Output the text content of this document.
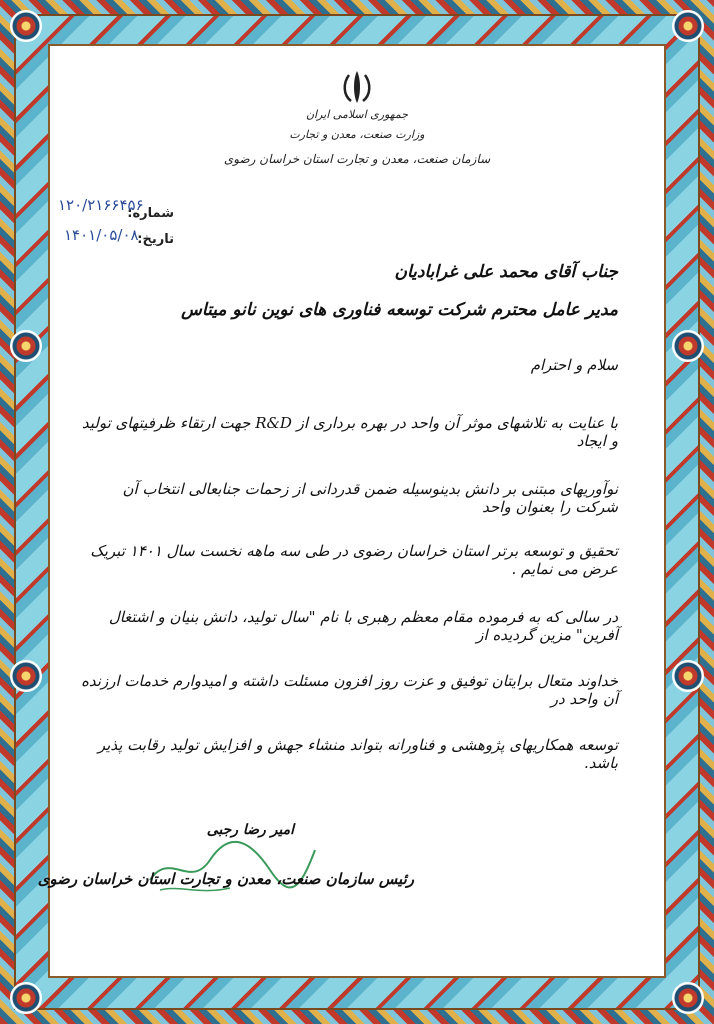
جمهوری اسلامی ایران
وزارت صنعت، معدن و تجارت
سازمان صنعت، معدن و تجارت استان خراسان رضوی
شماره:
۱۲۰/۲۱۶۶۴۵۶
تاریخ:
۱۴۰۱/۰۵/۰۸
جناب آقای محمد علی غرابادیان
مدیر عامل محترم شرکت توسعه فناوری های نوین نانو میتاس
سلام و احترام
با عنایت به تلاشهای موثر آن واحد در بهره برداری از R&D جهت ارتقاء ظرفیتهای تولید و ایجاد
نوآوریهای مبتنی بر دانش بدینوسیله ضمن قدردانی از زحمات جنابعالی انتخاب آن شرکت را بعنوان واحد
تحقیق و توسعه برتر استان خراسان رضوی در طی سه ماهه نخست سال ۱۴۰۱ تبریک عرض می نمایم .
در سالی که به فرموده مقام معظم رهبری با نام "سال تولید، دانش بنیان و اشتغال آفرین" مزین گردیده از
خداوند متعال برایتان توفیق و عزت روز افزون مسئلت داشته و امیدوارم خدمات ارزنده آن واحد در
توسعه همکاریهای پژوهشی و فناورانه بتواند منشاء جهش و افزایش تولید رقابت پذیر باشد.
امیر رضا رجبی
رئیس سازمان صنعت، معدن و تجارت استان خراسان رضوی
